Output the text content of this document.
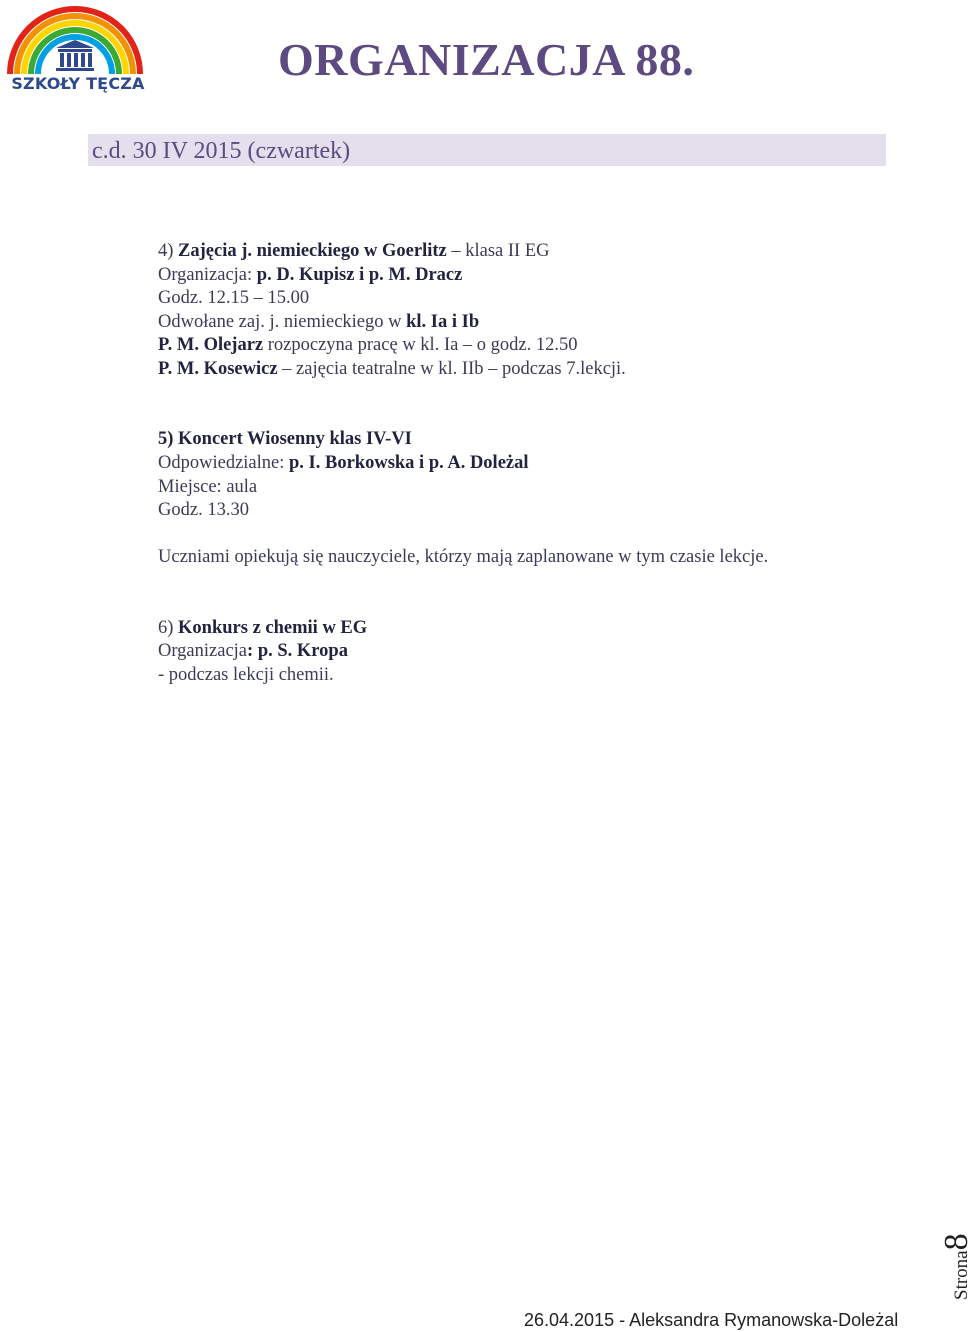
SZKOŁY TĘCZA	ORGANIZACJA 88.
c.d. 30 IV 2015 (czwartek)
4) Zajęcia j. niemieckiego w Goerlitz – klasa II EG
Organizacja: p. D. Kupisz i p. M. Dracz
Godz. 12.15 – 15.00
Odwołane zaj. j. niemieckiego w kl. Ia i Ib
P. M. Olejarz rozpoczyna pracę w kl. Ia – o godz. 12.50
P. M. Kosewicz – zajęcia teatralne w kl. IIb – podczas 7.lekcji.
5) Koncert Wiosenny klas IV-VI
Odpowiedzialne: p. I. Borkowska i p. A. Doleżal
Miejsce: aula
Godz. 13.30
Uczniami opiekują się nauczyciele, którzy mają zaplanowane w tym czasie lekcje.
6) Konkurs z chemii w EG
Organizacja: p. S. Kropa
- podczas lekcji chemii.
Strona8
26.04.2015 - Aleksandra Rymanowska-Doleżal
